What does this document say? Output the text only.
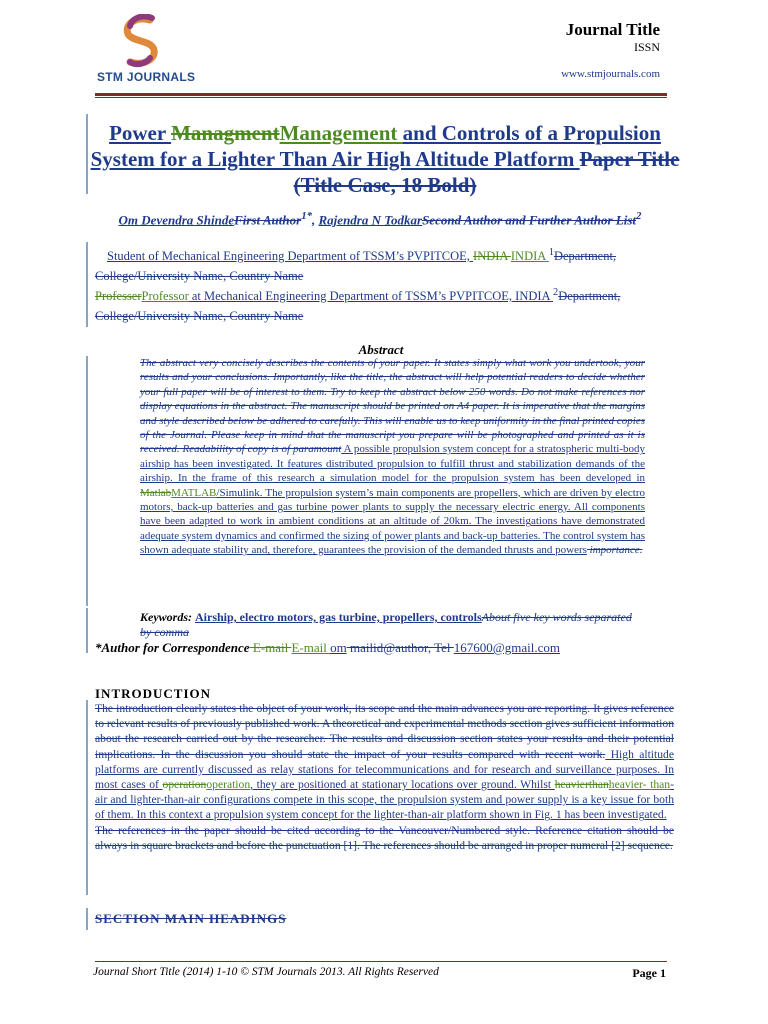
STM JOURNALS
Journal Title
ISSN
www.stmjournals.com
Power ManagmentManagement and Controls of a Propulsion System for a Lighter Than Air High Altitude Platform Paper Title (Title Case, 18 Bold)
Om Devendra ShindeFirst Author$^{1*}$, Rajendra N TodkarSecond Author and Further Author List$^2$
Student of Mechanical Engineering Department of TSSM’s PVPITCOE, INDIA INDIA $^1$Department, College/University Name, Country Name
ProfesserProfessor at Mechanical Engineering Department of TSSM’s PVPITCOE, INDIA $^2$Department, College/University Name, Country Name
Abstract
The abstract very concisely describes the contents of your paper. It states simply what work you undertook, your results and your conclusions. Importantly, like the title, the abstract will help potential readers to decide whether your full paper will be of interest to them. Try to keep the abstract below 250 words. Do not make references nor display equations in the abstract. The manuscript should be printed on A4 paper. It is imperative that the margins and style described below be adhered to carefully. This will enable us to keep uniformity in the final printed copies of the Journal. Please keep in mind that the manuscript you prepare will be photographed and printed as it is received. Readability of copy is of paramount A possible propulsion system concept for a stratospheric multi-body airship has been investigated. It features distributed propulsion to fulfill thrust and stabilization demands of the airship. In the frame of this research a simulation model for the propulsion system has been developed in MatlabMATLAB/Simulink. The propulsion system’s main components are propellers, which are driven by electro motors, back-up batteries and gas turbine power plants to supply the necessary electric energy. All components have been adapted to work in ambient conditions at an altitude of 20km. The investigations have demonstrated adequate system dynamics and confirmed the sizing of power plants and back-up batteries. The control system has shown adequate stability and, therefore, guarantees the provision of the demanded thrusts and powers importance.
Keywords: Airship, electro motors, gas turbine, propellers, controlsAbout five key words separated by comma
*Author for Correspondence E-mail E-mail om mailid@author, Tel 167600@gmail.com
INTRODUCTION
The introduction clearly states the object of your work, its scope and the main advances you are reporting. It gives reference to relevant results of previously published work. A theoretical and experimental methods section gives sufficient information about the research carried out by the researcher. The results and discussion section states your results and their potential implications. In the discussion you should state the impact of your results compared with recent work. High altitude platforms are currently discussed as relay stations for telecommunications and for research and surveillance purposes. In most cases of operationoperation, they are positioned at stationary locations over ground. Whilst heavierthanheavier- than-air and lighter-than-air configurations compete in this scope, the propulsion system and power supply is a key issue for both of them. In this context a propulsion system concept for the lighter-than-air platform shown in Fig. 1 has been investigated.
The references in the paper should be cited according to the Vancouver/Numbered style. Reference citation should be always in square brackets and before the punctuation [1]. The references should be arranged in proper numeral [2] sequence.
SECTION MAIN HEADINGS
Journal Short Title (2014) 1-10 © STM Journals 2013. All Rights Reserved	Page 1
